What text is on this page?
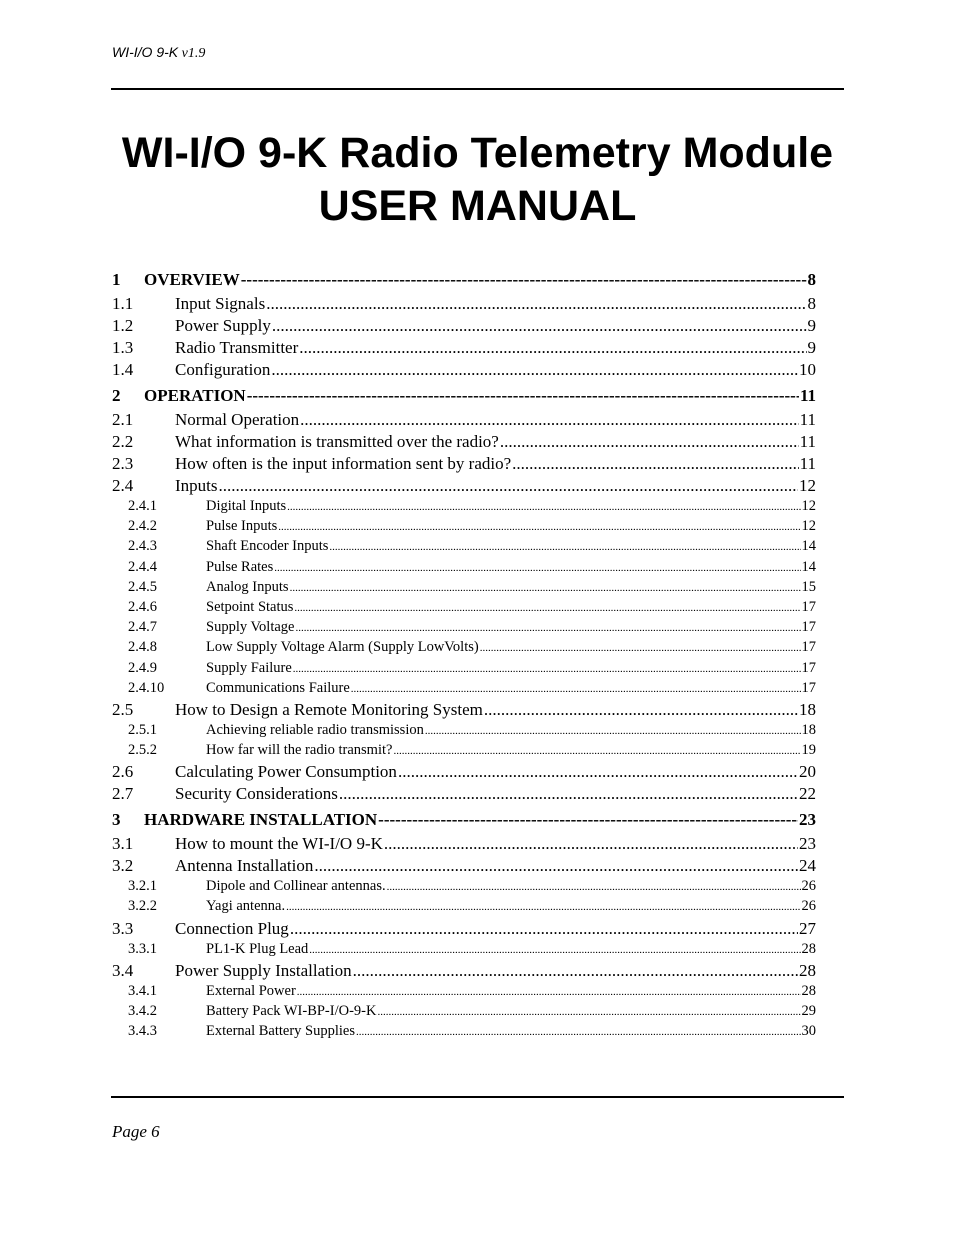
WI-I/O 9-K v1.9
WI-I/O 9-K Radio Telemetry Module
USER MANUAL
1	OVERVIEW -----	8
1.1	Input Signals .....	8
1.2	Power Supply .....	9
1.3	Radio Transmitter .....	9
1.4	Configuration .....	10
2	OPERATION -----	11
2.1	Normal Operation .....	11
2.2	What information is transmitted over the radio? .....	11
2.3	How often is the input information sent by radio? .....	11
2.4	Inputs .....	12
2.4.1	Digital Inputs .....	12
2.4.2	Pulse Inputs .....	12
2.4.3	Shaft Encoder Inputs .....	14
2.4.4	Pulse Rates .....	14
2.4.5	Analog Inputs .....	15
2.4.6	Setpoint Status .....	17
2.4.7	Supply Voltage .....	17
2.4.8	Low Supply Voltage Alarm (Supply LowVolts) .....	17
2.4.9	Supply Failure .....	17
2.4.10	Communications Failure .....	17
2.5	How to Design a Remote Monitoring System .....	18
2.5.1	Achieving reliable radio transmission .....	18
2.5.2	How far will the radio transmit? .....	19
2.6	Calculating Power Consumption .....	20
2.7	Security Considerations .....	22
3	HARDWARE INSTALLATION -----	23
3.1	How to mount the WI-I/O 9-K .....	23
3.2	Antenna Installation .....	24
3.2.1	Dipole and Collinear antennas. .....	26
3.2.2	Yagi antenna. .....	26
3.3	Connection Plug .....	27
3.3.1	PL1-K Plug Lead .....	28
3.4	Power Supply Installation .....	28
3.4.1	External Power .....	28
3.4.2	Battery Pack WI-BP-I/O-9-K .....	29
3.4.3	External Battery Supplies .....	30
Page 6
